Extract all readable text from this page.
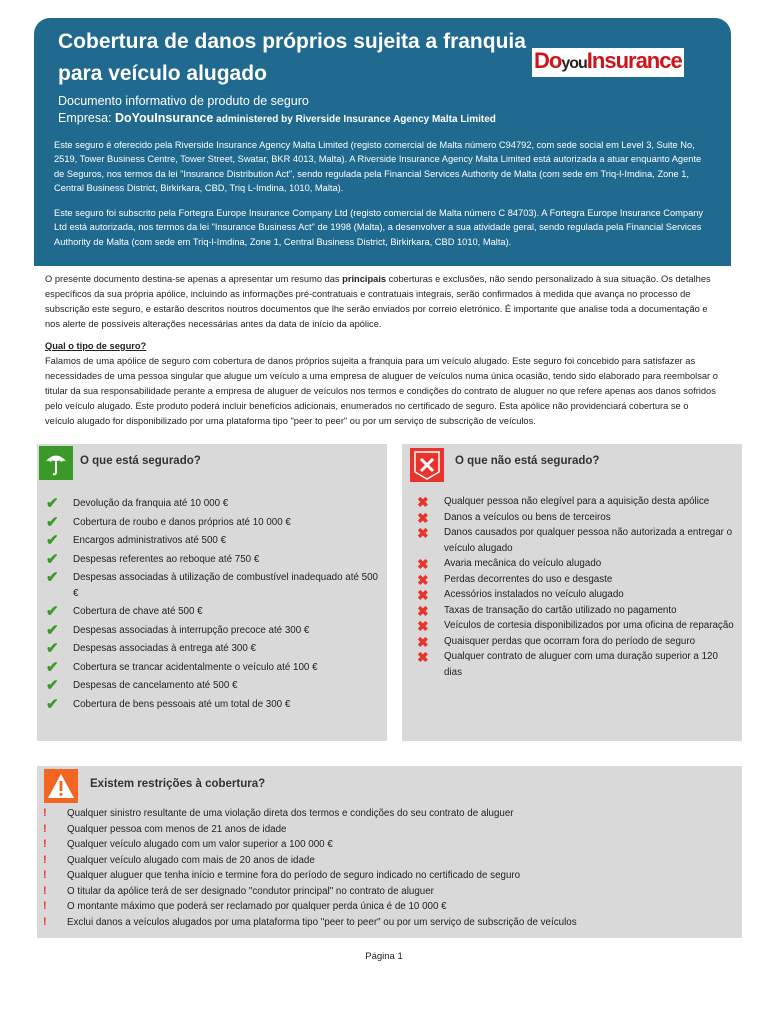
Cobertura de danos próprios sujeita a franquia para veículo alugado
DoyouInsurance
Documento informativo de produto de seguro
Empresa: DoYouInsurance administered by Riverside Insurance Agency Malta Limited
Este seguro é oferecido pela Riverside Insurance Agency Malta Limited (registo comercial de Malta número C94792, com sede social em Level 3, Suite No, 2519, Tower Business Centre, Tower Street, Swatar, BKR 4013, Malta). A Riverside Insurance Agency Malta Limited está autorizada a atuar enquanto Agente de Seguros, nos termos da lei "Insurance Distribution Act", sendo regulada pela Financial Services Authority de Malta (com sede em Triq-l-Imdina, Zone 1, Central Business District, Birkirkara, CBD, Triq L-Imdina, 1010, Malta).
Este seguro foi subscrito pela Fortegra Europe Insurance Company Ltd (registo comercial de Malta número C 84703). A Fortegra Europe Insurance Company Ltd está autorizada, nos termos da lei "Insurance Business Act" de 1998 (Malta), a desenvolver a sua atividade geral, sendo regulada pela Financial Services Authority de Malta (com sede em Triq-l-Imdina, Zone 1, Central Business District, Birkirkara, CBD 1010, Malta).
O presente documento destina-se apenas a apresentar um resumo das principais coberturas e exclusões, não sendo personalizado à sua situação. Os detalhes específicos da sua própria apólice, incluindo as informações pré-contratuais e contratuais integrais, serão confirmados à medida que avança no processo de subscrição este seguro, e estarão descritos noutros documentos que lhe serão enviados por correio eletrónico. É importante que analise toda a documentação e nos alerte de possíveis alterações necessárias antes da data de início da apólice.
Qual o tipo de seguro?
Falamos de uma apólice de seguro com cobertura de danos próprios sujeita a franquia para um veículo alugado. Este seguro foi concebido para satisfazer as necessidades de uma pessoa singular que alugue um veículo a uma empresa de aluguer de veículos numa única ocasião, tendo sido elaborado para reembolsar o titular da sua responsabilidade perante a empresa de aluguer de veículos nos termos e condições do contrato de aluguer no que refere apenas aos danos sofridos pelo veículo alugado. Este produto poderá incluir benefícios adicionais, enumerados no certificado de seguro. Esta apólice não providenciará cobertura se o veículo alugado for disponibilizado por uma plataforma tipo "peer to peer" ou por um serviço de subscrição de veículos.
O que está segurado?
✔ Devolução da franquia até 10 000 €
✔ Cobertura de roubo e danos próprios até 10 000 €
✔ Encargos administrativos até 500 €
✔ Despesas referentes ao reboque até 750 €
✔ Despesas associadas à utilização de combustível inadequado até 500 €
✔ Cobertura de chave até 500 €
✔ Despesas associadas à interrupção precoce até 300 €
✔ Despesas associadas à entrega até 300 €
✔ Cobertura se trancar acidentalmente o veículo até 100 €
✔ Despesas de cancelamento até 500 €
✔ Cobertura de bens pessoais até um total de 300 €
O que não está segurado?
✖ Qualquer pessoa não elegível para a aquisição desta apólice
✖ Danos a veículos ou bens de terceiros
✖ Danos causados por qualquer pessoa não autorizada a entregar o veículo alugado
✖ Avaria mecânica do veículo alugado
✖ Perdas decorrentes do uso e desgaste
✖ Acessórios instalados no veículo alugado
✖ Taxas de transação do cartão utilizado no pagamento
✖ Veículos de cortesia disponibilizados por uma oficina de reparação
✖ Quaisquer perdas que ocorram fora do período de seguro
✖ Qualquer contrato de aluguer com uma duração superior a 120 dias
Existem restrições à cobertura?
! Qualquer sinistro resultante de uma violação direta dos termos e condições do seu contrato de aluguer
! Qualquer pessoa com menos de 21 anos de idade
! Qualquer veículo alugado com um valor superior a 100 000 €
! Qualquer veículo alugado com mais de 20 anos de idade
! Qualquer aluguer que tenha início e termine fora do período de seguro indicado no certificado de seguro
! O titular da apólice terá de ser designado "condutor principal" no contrato de aluguer
! O montante máximo que poderá ser reclamado por qualquer perda única é de 10 000 €
! Exclui danos a veículos alugados por uma plataforma tipo "peer to peer" ou por um serviço de subscrição de veículos
Página 1
